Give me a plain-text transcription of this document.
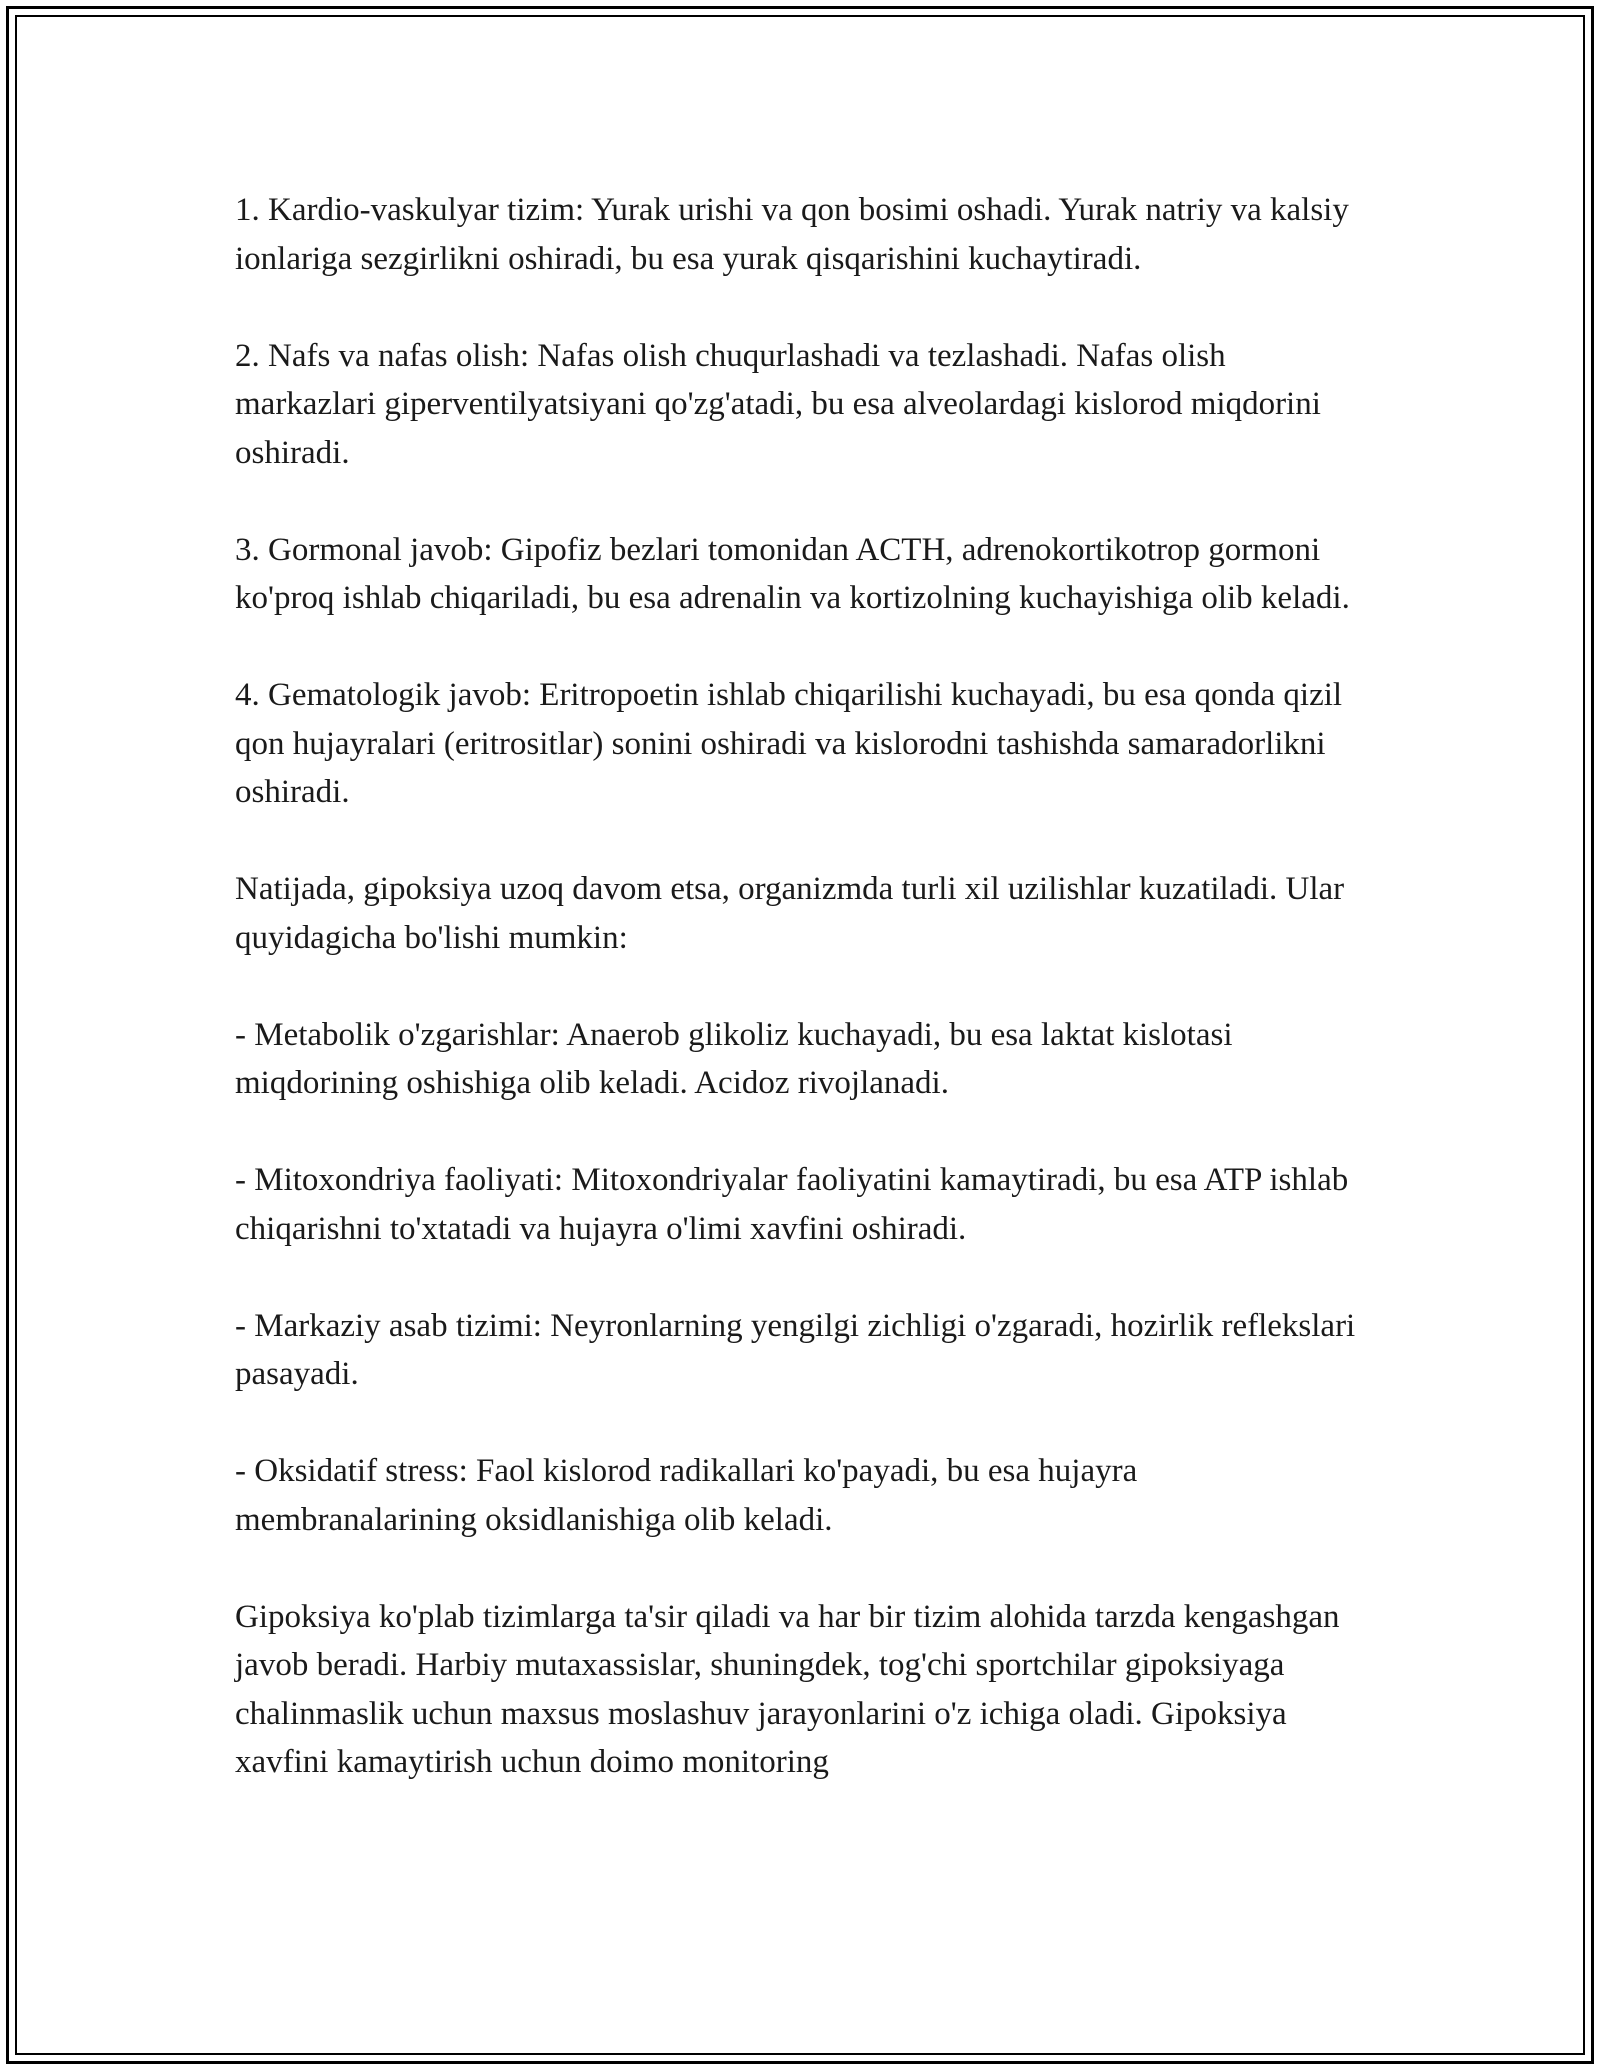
1. Kardio-vaskulyar tizim: Yurak urishi va qon bosimi oshadi. Yurak natriy va kalsiy ionlariga sezgirlikni oshiradi, bu esa yurak qisqarishini kuchaytiradi.

2. Nafs va nafas olish: Nafas olish chuqurlashadi va tezlashadi. Nafas olish markazlari giperventilyatsiyani qo'zg'atadi, bu esa alveolardagi kislorod miqdorini oshiradi.

3. Gormonal javob: Gipofiz bezlari tomonidan ACTH, adrenokortikotrop gormoni ko'proq ishlab chiqariladi, bu esa adrenalin va kortizolning kuchayishiga olib keladi.

4. Gematologik javob: Eritropoetin ishlab chiqarilishi kuchayadi, bu esa qonda qizil qon hujayralari (eritrositlar) sonini oshiradi va kislorodni tashishda samaradorlikni oshiradi.

Natijada, gipoksiya uzoq davom etsa, organizmda turli xil uzilishlar kuzatiladi. Ular quyidagicha bo'lishi mumkin:

- Metabolik o'zgarishlar: Anaerob glikoliz kuchayadi, bu esa laktat kislotasi miqdorining oshishiga olib keladi. Acidoz rivojlanadi.

- Mitoxondriya faoliyati: Mitoxondriyalar faoliyatini kamaytiradi, bu esa ATP ishlab chiqarishni to'xtatadi va hujayra o'limi xavfini oshiradi.

- Markaziy asab tizimi: Neyronlarning yengilgi zichligi o'zgaradi, hozirlik reflekslari pasayadi.

- Oksidatif stress: Faol kislorod radikallari ko'payadi, bu esa hujayra membranalarining oksidlanishiga olib keladi.

Gipoksiya ko'plab tizimlarga ta'sir qiladi va har bir tizim alohida tarzda kengashgan javob beradi. Harbiy mutaxassislar, shuningdek, tog'chi sportchilar gipoksiyaga chalinmaslik uchun maxsus moslashuv jarayonlarini o'z ichiga oladi. Gipoksiya xavfini kamaytirish uchun doimo monitoring
